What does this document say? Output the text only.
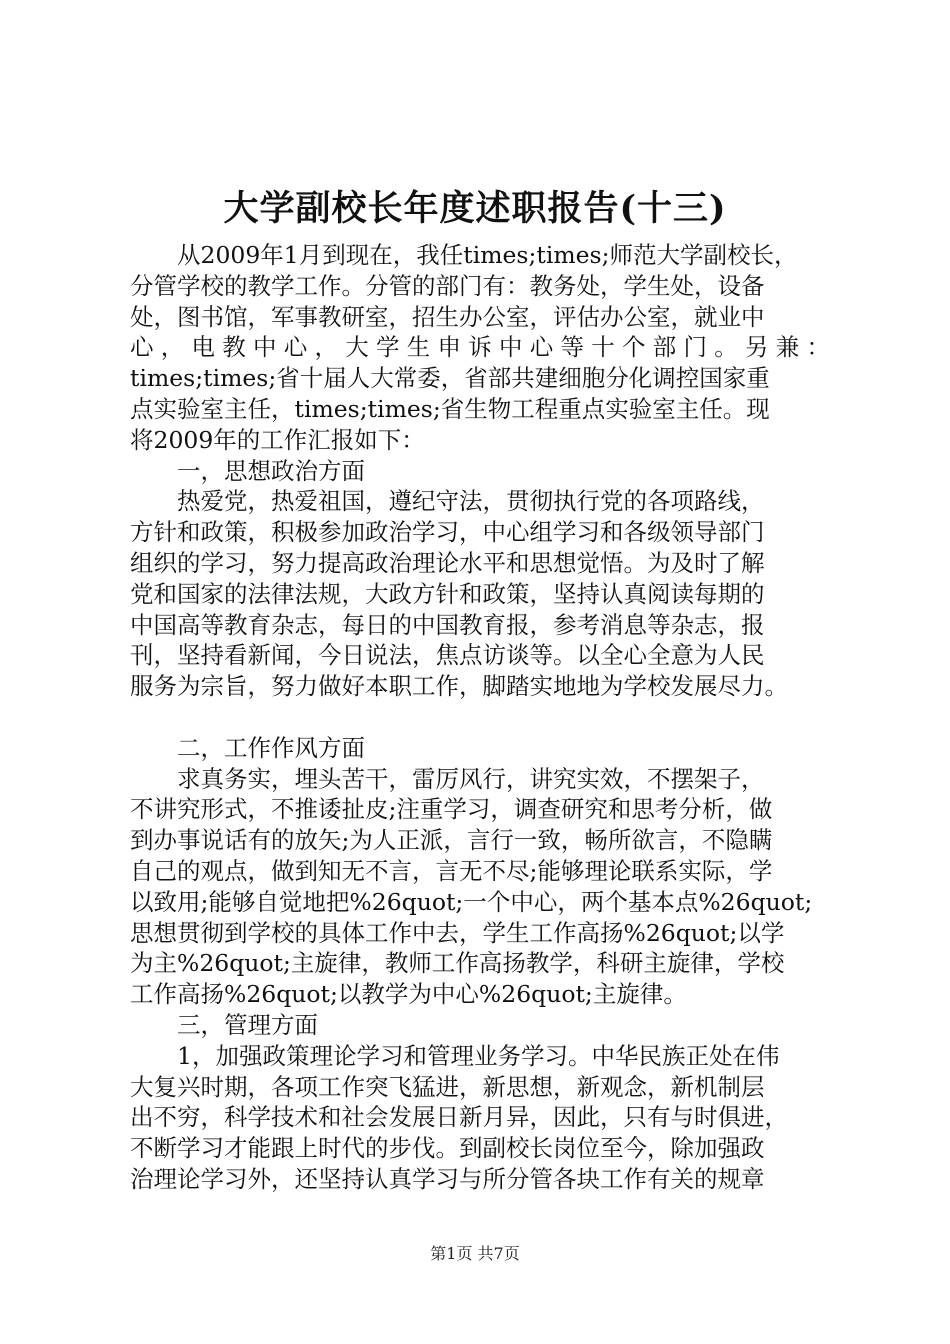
大学副校长年度述职报告(十三)
　　从2009年1月到现在，我任times;times;师范大学副校长，
分管学校的教学工作。分管的部门有：教务处，学生处，设备
处，图书馆，军事教研室，招生办公室，评估办公室，就业中
心，电教中心，大学生申诉中心等十个部门。另兼：
times;times;省十届人大常委，省部共建细胞分化调控国家重
点实验室主任，times;times;省生物工程重点实验室主任。现
将2009年的工作汇报如下：
　　一，思想政治方面
　　热爱党，热爱祖国，遵纪守法，贯彻执行党的各项路线，
方针和政策，积极参加政治学习，中心组学习和各级领导部门
组织的学习，努力提高政治理论水平和思想觉悟。为及时了解
党和国家的法律法规，大政方针和政策，坚持认真阅读每期的
中国高等教育杂志，每日的中国教育报，参考消息等杂志，报
刊，坚持看新闻，今日说法，焦点访谈等。以全心全意为人民
服务为宗旨，努力做好本职工作，脚踏实地地为学校发展尽力。
　　二，工作作风方面
　　求真务实，埋头苦干，雷厉风行，讲究实效，不摆架子，
不讲究形式，不推诿扯皮;注重学习，调查研究和思考分析，做
到办事说话有的放矢;为人正派，言行一致，畅所欲言，不隐瞒
自己的观点，做到知无不言，言无不尽;能够理论联系实际，学
以致用;能够自觉地把%26quot;一个中心，两个基本点%26quot;
思想贯彻到学校的具体工作中去，学生工作高扬%26quot;以学
为主%26quot;主旋律，教师工作高扬教学，科研主旋律，学校
工作高扬%26quot;以教学为中心%26quot;主旋律。
　　三，管理方面
　　1，加强政策理论学习和管理业务学习。中华民族正处在伟
大复兴时期，各项工作突飞猛进，新思想，新观念，新机制层
出不穷，科学技术和社会发展日新月异，因此，只有与时俱进，
不断学习才能跟上时代的步伐。到副校长岗位至今，除加强政
治理论学习外，还坚持认真学习与所分管各块工作有关的规章
第1页 共7页
